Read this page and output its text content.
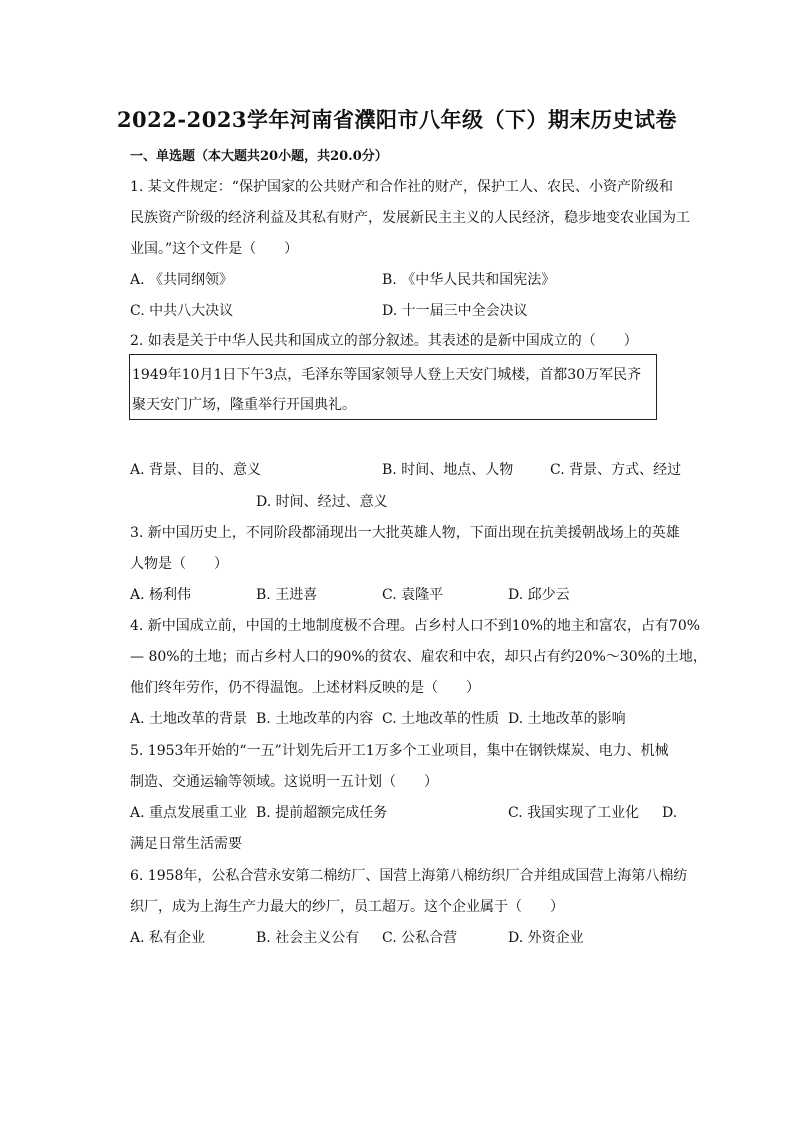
2022-2023学年河南省濮阳市八年级（下）期末历史试卷
一、单选题（本大题共20小题，共20.0分）
1. 某文件规定：“保护国家的公共财产和合作社的财产，保护工人、农民、小资产阶级和
民族资产阶级的经济利益及其私有财产，发展新民主主义的人民经济，稳步地变农业国为工
业国。”这个文件是（　　）
A. 《共同纲领》	B. 《中华人民共和国宪法》
C. 中共八大决议	D. 十一届三中全会决议
2. 如表是关于中华人民共和国成立的部分叙述。其表述的是新中国成立的（　　）
1949年10月1日下午3点，毛泽东等国家领导人登上天安门城楼，首都30万军民齐
聚天安门广场，隆重举行开国典礼。
A. 背景、目的、意义	B. 时间、地点、人物	C. 背景、方式、经过
D. 时间、经过、意义
3. 新中国历史上，不同阶段都涌现出一大批英雄人物，下面出现在抗美援朝战场上的英雄
人物是（　　）
A. 杨利伟	B. 王进喜	C. 袁隆平	D. 邱少云
4. 新中国成立前，中国的土地制度极不合理。占乡村人口不到10%的地主和富农，占有70%
— 80%的土地；而占乡村人口的90%的贫农、雇农和中农，却只占有约20%～30%的土地，
他们终年劳作，仍不得温饱。上述材料反映的是（　　）
A. 土地改革的背景 B. 土地改革的内容 C. 土地改革的性质 D. 土地改革的影响
5. 1953年开始的“一五”计划先后开工1万多个工业项目，集中在钢铁煤炭、电力、机械
制造、交通运输等领域。这说明一五计划（　　）
A. 重点发展重工业 B. 提前超额完成任务	C. 我国实现了工业化 D.
满足日常生活需要
6. 1958年，公私合营永安第二棉纺厂、国营上海第八棉纺织厂合并组成国营上海第八棉纺
织厂，成为上海生产力最大的纱厂，员工超万。这个企业属于（　　）
A. 私有企业	B. 社会主义公有 C. 公私合营	D. 外资企业
